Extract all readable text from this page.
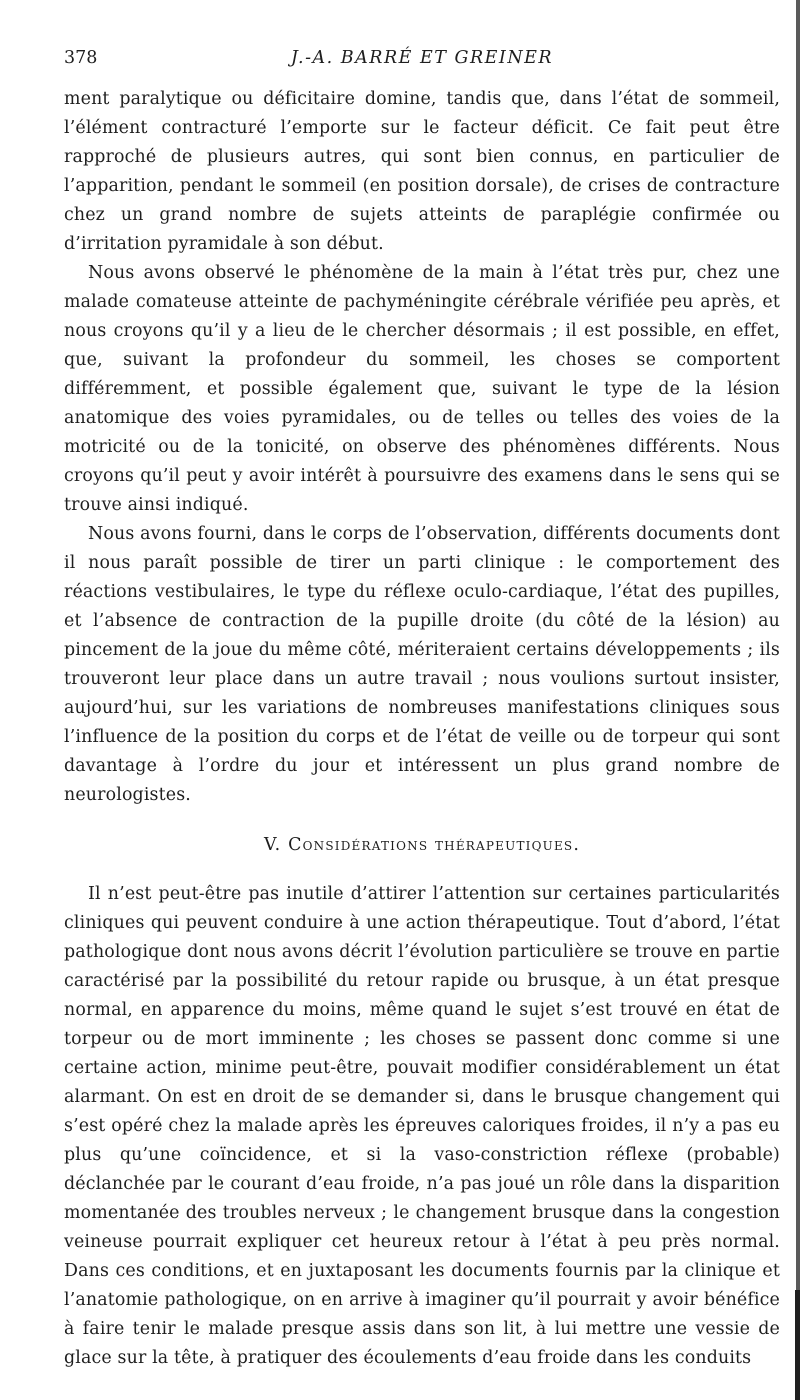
378	J.-A. BARRÉ ET GREINER

ment paralytique ou déficitaire domine, tandis que, dans l’état de sommeil, l’élément contracturé l’emporte sur le facteur déficit. Ce fait peut être rapproché de plusieurs autres, qui sont bien connus, en particulier de l’apparition, pendant le sommeil (en position dorsale), de crises de contracture chez un grand nombre de sujets atteints de paraplégie confirmée ou d’irritation pyramidale à son début.

Nous avons observé le phénomène de la main à l’état très pur, chez une malade comateuse atteinte de pachyméningite cérébrale vérifiée peu après, et nous croyons qu’il y a lieu de le chercher désormais ; il est possible, en effet, que, suivant la profondeur du sommeil, les choses se comportent différemment, et possible également que, suivant le type de la lésion anatomique des voies pyramidales, ou de telles ou telles des voies de la motricité ou de la tonicité, on observe des phénomènes différents. Nous croyons qu’il peut y avoir intérêt à poursuivre des examens dans le sens qui se trouve ainsi indiqué.

Nous avons fourni, dans le corps de l’observation, différents documents dont il nous paraît possible de tirer un parti clinique : le comportement des réactions vestibulaires, le type du réflexe oculo-cardiaque, l’état des pupilles, et l’absence de contraction de la pupille droite (du côté de la lésion) au pincement de la joue du même côté, mériteraient certains développements ; ils trouveront leur place dans un autre travail ; nous voulions surtout insister, aujourd’hui, sur les variations de nombreuses manifestations cliniques sous l’influence de la position du corps et de l’état de veille ou de torpeur qui sont davantage à l’ordre du jour et intéressent un plus grand nombre de neurologistes.

V. Considérations thérapeutiques.

Il n’est peut-être pas inutile d’attirer l’attention sur certaines particularités cliniques qui peuvent conduire à une action thérapeutique. Tout d’abord, l’état pathologique dont nous avons décrit l’évolution particulière se trouve en partie caractérisé par la possibilité du retour rapide ou brusque, à un état presque normal, en apparence du moins, même quand le sujet s’est trouvé en état de torpeur ou de mort imminente ; les choses se passent donc comme si une certaine action, minime peut-être, pouvait modifier considérablement un état alarmant. On est en droit de se demander si, dans le brusque changement qui s’est opéré chez la malade après les épreuves caloriques froides, il n’y a pas eu plus qu’une coïncidence, et si la vaso-constriction réflexe (probable) déclanchée par le courant d’eau froide, n’a pas joué un rôle dans la disparition momentanée des troubles nerveux ; le changement brusque dans la congestion veineuse pourrait expliquer cet heureux retour à l’état à peu près normal. Dans ces conditions, et en juxtaposant les documents fournis par la clinique et l’anatomie pathologique, on en arrive à imaginer qu’il pourrait y avoir bénéfice à faire tenir le malade presque assis dans son lit, à lui mettre une vessie de glace sur la tête, à pratiquer des écoulements d’eau froide dans les conduits
